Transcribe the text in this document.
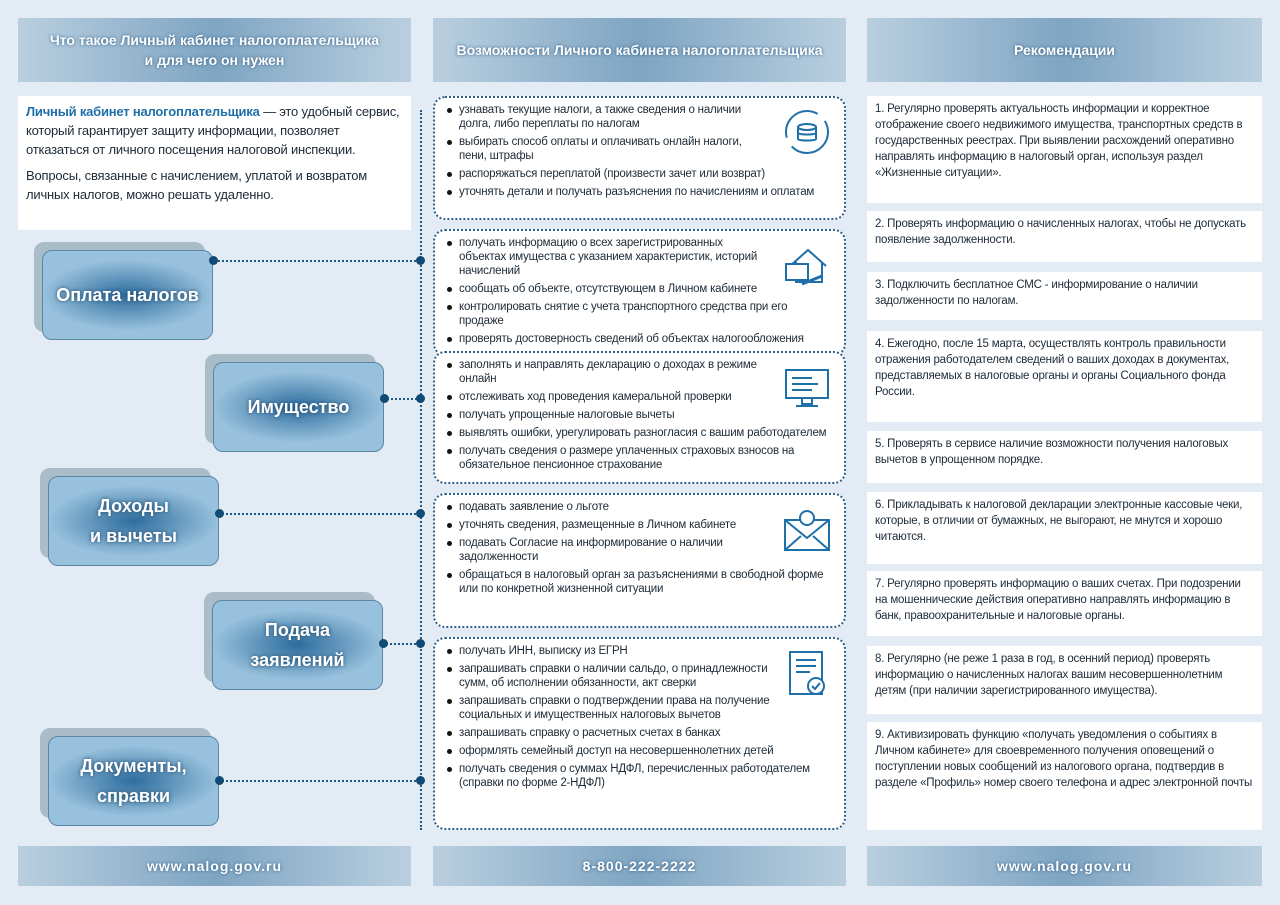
Что такое Личный кабинет налогоплательщика
и для чего он нужен
Возможности Личного кабинета налогоплательщика	Рекомендации

Личный кабинет налогоплательщика — это удобный сервис, который гарантирует защиту информации, позволяет отказаться от личного посещения налоговой инспекции.

Вопросы, связанные с начислением, уплатой и возвратом личных налогов, можно решать удаленно.

Оплата налогов
Имущество
Доходы
и вычеты
Подача
заявлений
Документы,
справки
узнавать текущие налоги, а также сведения о наличии долга, либо переплаты по налогам
выбирать способ оплаты и оплачивать онлайн налоги, пени, штрафы
распоряжаться переплатой (произвести зачет или возврат)
уточнять детали и получать разъяснения по начислениям и оплатам
получать информацию о всех зарегистрированных объектах имущества с указанием характеристик, историй начислений
сообщать об объекте, отсутствующем в Личном кабинете
контролировать снятие с учета транспортного средства при его продаже
проверять достоверность сведений об объектах налогообложения
заполнять и направлять декларацию о доходах в режиме онлайн
отслеживать ход проведения камеральной проверки
получать упрощенные налоговые вычеты
выявлять ошибки, урегулировать разногласия с вашим работодателем
получать сведения о размере уплаченных страховых взносов на обязательное пенсионное страхование
подавать заявление о льготе
уточнять сведения, размещенные в Личном кабинете
подавать Согласие на информирование о наличии задолженности
обращаться в налоговый орган за разъяснениями в свободной форме или по конкретной жизненной ситуации
получать ИНН, выписку из ЕГРН
запрашивать справки о наличии сальдо, о принадлежности сумм, об исполнении обязанности, акт сверки
запрашивать справки о подтверждении права на получение социальных и имущественных налоговых вычетов
запрашивать справку о расчетных счетах в банках
оформлять семейный доступ на несовершеннолетних детей
получать сведения о суммах НДФЛ, перечисленных работодателем (справки по форме 2-НДФЛ)
1. Регулярно проверять актуальность информации и корректное отображение своего недвижимого имущества, транспортных средств в государственных реестрах. При выявлении расхождений оперативно направлять информацию в налоговый орган, используя раздел «Жизненные ситуации».
2. Проверять информацию о начисленных налогах, чтобы не допускать появление задолженности.
3. Подключить бесплатное СМС - информирование о наличии задолженности по налогам.
4. Ежегодно, после 15 марта, осуществлять контроль правильности отражения работодателем сведений о ваших доходах в документах, представляемых в налоговые органы и органы Социального фонда России.
5. Проверять в сервисе наличие возможности получения налоговых вычетов в упрощенном порядке.
6. Прикладывать к налоговой декларации электронные кассовые чеки, которые, в отличии от бумажных, не выгорают, не мнутся и хорошо читаются.
7. Регулярно проверять информацию о ваших счетах. При подозрении на мошеннические действия оперативно направлять информацию в банк, правоохранительные и налоговые органы.
8. Регулярно (не реже 1 раза в год, в осенний период) проверять информацию о начисленных налогах вашим несовершеннолетним детям (при наличии зарегистрированного имущества).
9. Активизировать функцию «получать уведомления о событиях в Личном кабинете» для своевременного получения оповещений о поступлении новых сообщений из налогового органа, подтвердив в разделе «Профиль» номер своего телефона и адрес электронной почты
www.nalog.gov.ru	8-800-222-2222	www.nalog.gov.ru
